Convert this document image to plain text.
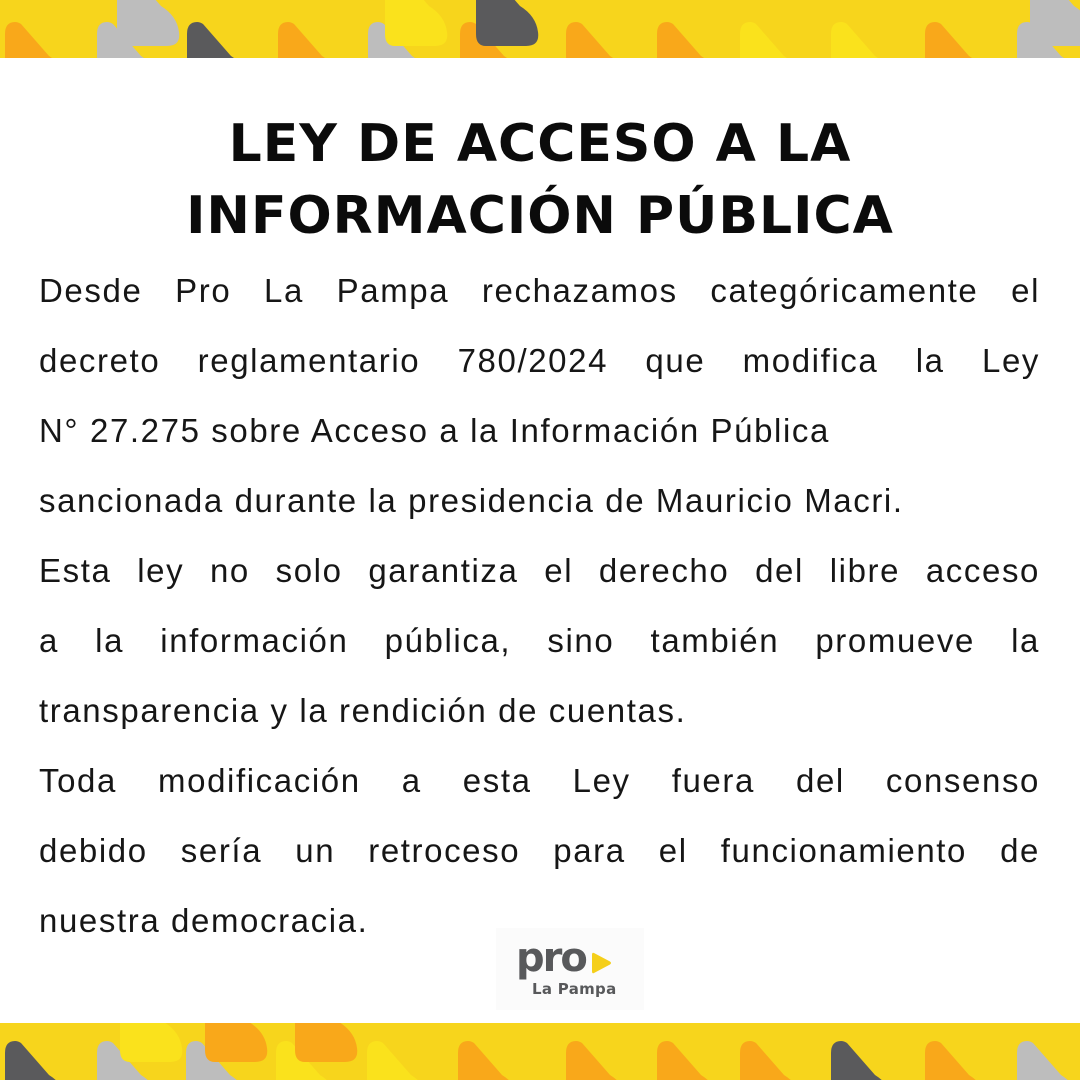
LEY DE ACCESO A LA
INFORMACIÓN PÚBLICA
Desde Pro La Pampa rechazamos categóricamente el
decreto reglamentario 780/2024 que modifica la Ley
N° 27.275 sobre Acceso a la Información Pública
sancionada durante la presidencia de Mauricio Macri.
Esta ley no solo garantiza el derecho del libre acceso
a la información pública, sino también promueve la
transparencia y la rendición de cuentas.
Toda modificación a esta Ley fuera del consenso
debido sería un retroceso para el funcionamiento de
nuestra democracia.
pro
La Pampa
